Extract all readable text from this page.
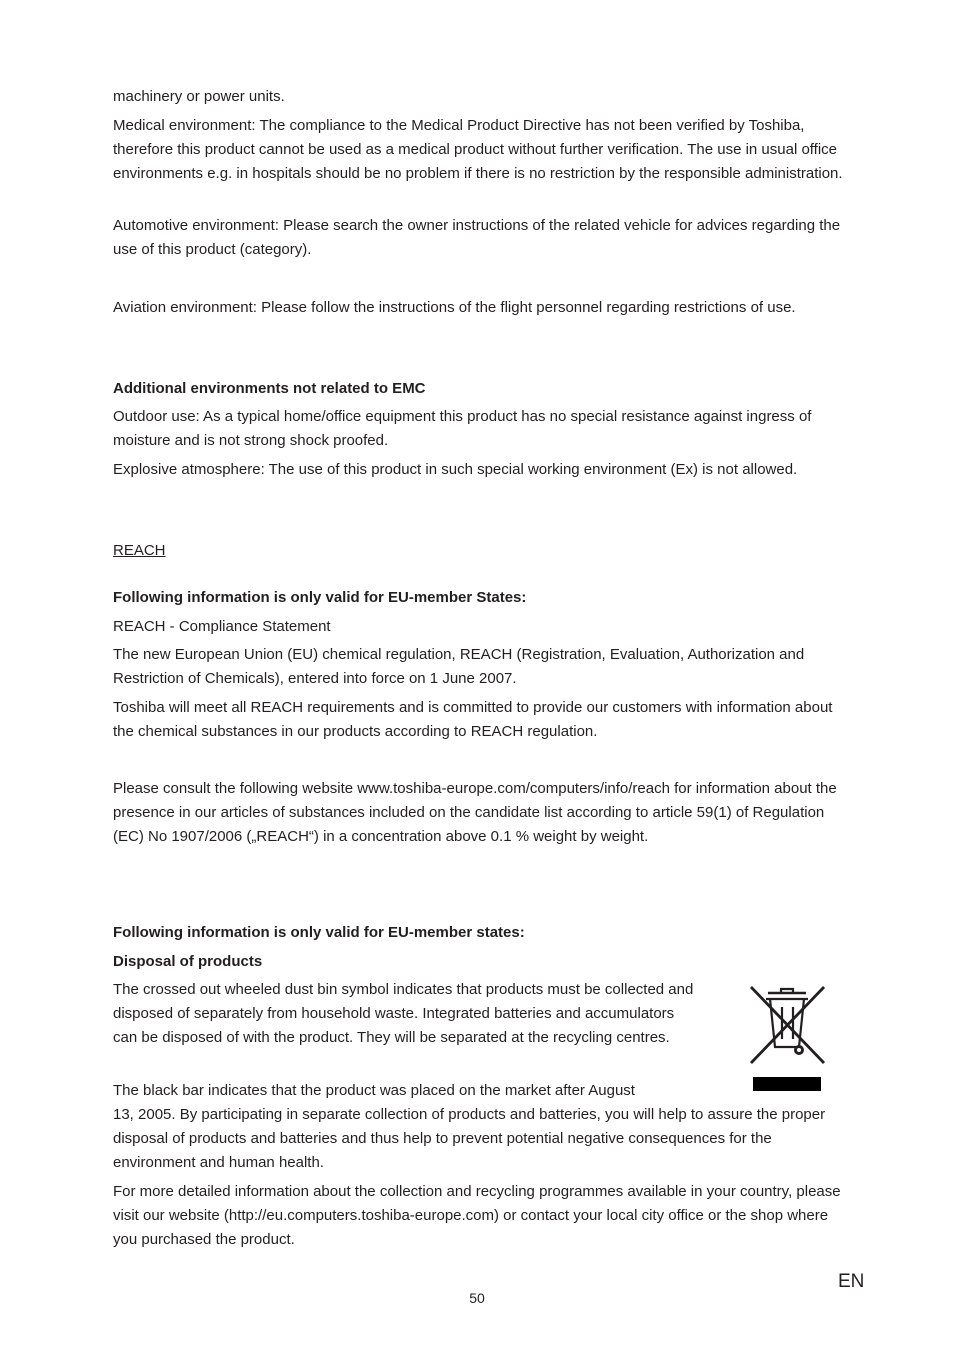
machinery or power units.

Medical environment: The compliance to the Medical Product Directive has not been verified by Toshiba, therefore this product cannot be used as a medical product without further verification. The use in usual office environments e.g. in hospitals should be no problem if there is no restriction by the responsible administration.

Automotive environment: Please search the owner instructions of the related vehicle for advices regarding the use of this product (category).

Aviation environment: Please follow the instructions of the flight personnel regarding restrictions of use.

Additional environments not related to EMC

Outdoor use: As a typical home/office equipment this product has no special resistance against ingress of moisture and is not strong shock proofed.

Explosive atmosphere: The use of this product in such special working environment (Ex) is not allowed.

REACH

Following information is only valid for EU-member States:

REACH - Compliance Statement

The new European Union (EU) chemical regulation, REACH (Registration, Evaluation, Authorization and Restriction of Chemicals), entered into force on 1 June 2007.

Toshiba will meet all REACH requirements and is committed to provide our customers with information about the chemical substances in our products according to REACH regulation.

Please consult the following website www.toshiba-europe.com/computers/info/reach for information about the presence in our articles of substances included on the candidate list according to article 59(1) of Regulation (EC) No 1907/2006 („REACH“) in a concentration above 0.1 % weight by weight.

Following information is only valid for EU-member states:

Disposal of products

The crossed out wheeled dust bin symbol indicates that products must be collected and disposed of separately from household waste. Integrated batteries and accumulators can be disposed of with the product. They will be separated at the recycling centres.

The black bar indicates that the product was placed on the market after August

13, 2005. By participating in separate collection of products and batteries, you will help to assure the proper disposal of products and batteries and thus help to prevent potential negative consequences for the environment and human health.

For more detailed information about the collection and recycling programmes available in your country, please visit our website (http://eu.computers.toshiba-europe.com) or contact your local city office or the shop where you purchased the product.

50
EN
